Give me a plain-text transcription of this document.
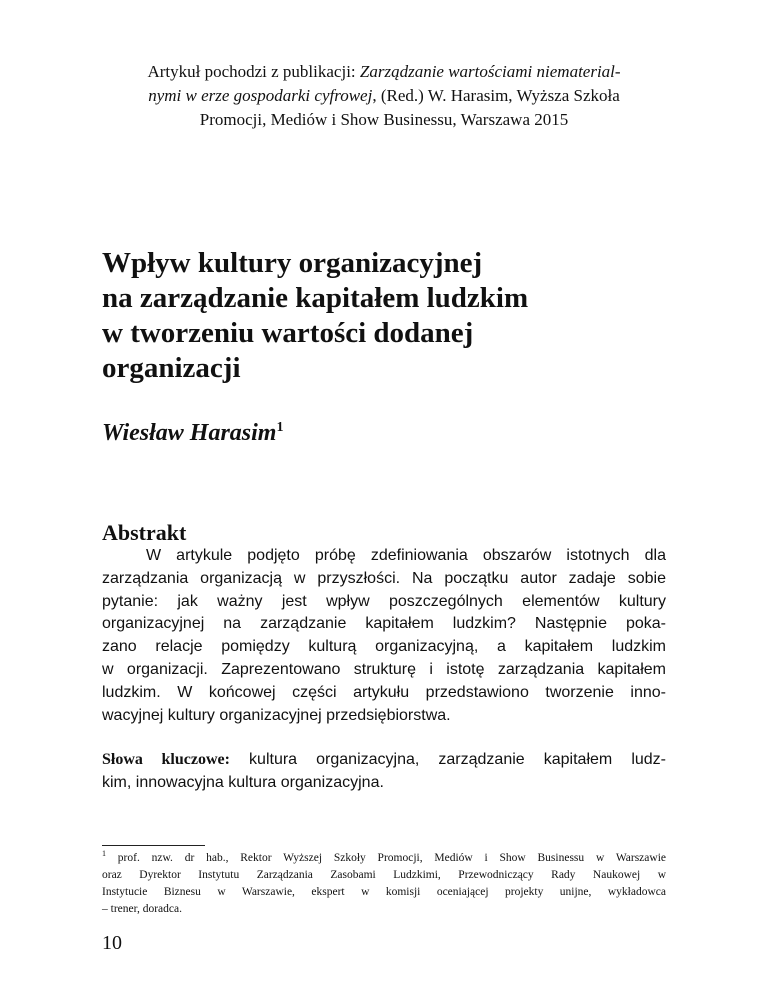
Artykuł pochodzi z publikacji: Zarządzanie wartościami niematerial-
nymi w erze gospodarki cyfrowej, (Red.) W. Harasim, Wyższa Szkoła
Promocji, Mediów i Show Businessu, Warszawa 2015
Wpływ kultury organizacyjnej
na zarządzanie kapitałem ludzkim
w tworzeniu wartości dodanej
organizacji
Wiesław Harasim$^1$
Abstrakt
W artykule podjęto próbę zdefiniowania obszarów istotnych dla
zarządzania organizacją w przyszłości. Na początku autor zadaje sobie
pytanie: jak ważny jest wpływ poszczególnych elementów kultury
organizacyjnej na zarządzanie kapitałem ludzkim? Następnie poka-
zano relacje pomiędzy kulturą organizacyjną, a kapitałem ludzkim
w organizacji. Zaprezentowano strukturę i istotę zarządzania kapitałem
ludzkim. W końcowej części artykułu przedstawiono tworzenie inno-
wacyjnej kultury organizacyjnej przedsiębiorstwa.
Słowa kluczowe: kultura organizacyjna, zarządzanie kapitałem ludz-
kim, innowacyjna kultura organizacyjna.
$^1$ prof. nzw. dr hab., Rektor Wyższej Szkoły Promocji, Mediów i Show Businessu w Warszawie
oraz Dyrektor Instytutu Zarządzania Zasobami Ludzkimi, Przewodniczący Rady Naukowej w
Instytucie Biznesu w Warszawie, ekspert w komisji oceniającej projekty unijne, wykładowca
– trener, doradca.
10
